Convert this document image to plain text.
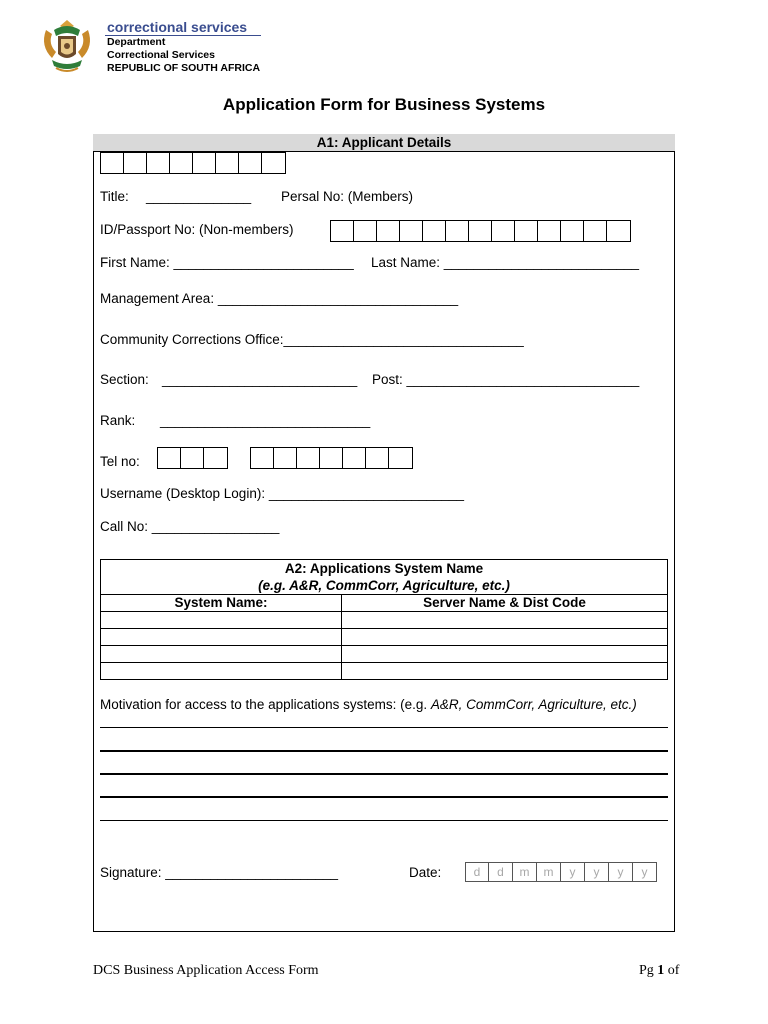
correctional services
Department
Correctional Services
REPUBLIC OF SOUTH AFRICA
Application Form for Business Systems
A1: Applicant Details
Title: ______________ Persal No: (Members)
ID/Passport No: (Non-members)
First Name: ________________________ Last Name: __________________________
Management Area: ________________________________
Community Corrections Office:________________________________
Section: __________________________ Post: _______________________________
Rank: ____________________________
Tel no:
Username (Desktop Login): __________________________
Call No: _________________
A2: Applications System Name
(e.g. A&R, CommCorr, Agriculture, etc.)	
System Name:	Server Name & Dist Code

Motivation for access to the applications systems: (e.g. A&R, CommCorr, Agriculture, etc.)
Signature: _______________________	Date:	d	d	m	m	y	y	y	y
DCS Business Application Access Form	Pg 1 of
